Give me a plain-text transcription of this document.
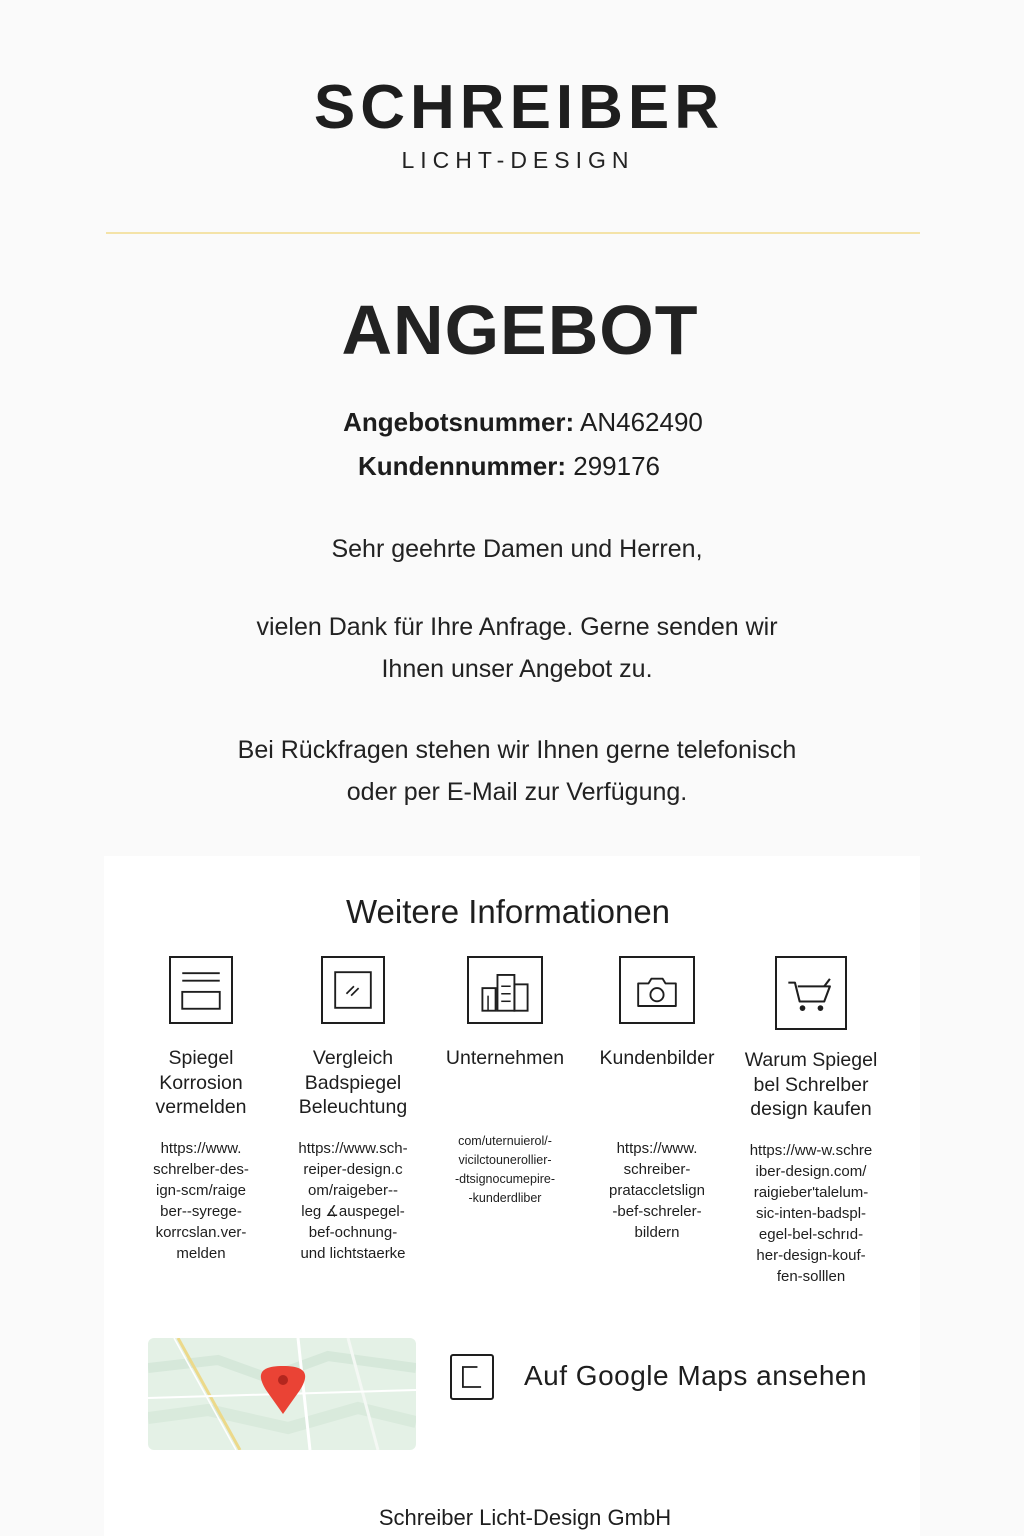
SCHREIBER
LICHT-DESIGN
ANGEBOT
Angebotsnummer: AN462490
Kundennummer: 299176
Sehr geehrte Damen und Herren,
vielen Dank für Ihre Anfrage. Gerne senden wir
Ihnen unser Angebot zu.
Bei Rückfragen stehen wir Ihnen gerne telefonisch
oder per E-Mail zur Verfügung.
Weitere Informationen
Spiegel
Korrosion
vermelden
https://www.
schrelber-des-
ign-scm/raige
ber--syrege-
korrcslan.ver-
melden
Vergleich
Badspiegel
Beleuchtung
https://www.sch-
reiper-design.c
om/raigeber--
leg ∡auspegel-
bef-ochnung-
und lichtstaerke
Unternehmen
com/uternuierol/-
vicilctounerollier-
-dtsignocumepire-
-kunderdliber
Kundenbilder
https://www.
schreiber-
prataccletslign
-bef-schreler-
bildern
Warum Spiegel
bel Schrelber
design kaufen
https://ww-w.schre
iber-design.com/
raigieber'talelum-
sic-inten-badspl-
egel-bel-schrıd-
her-design-kouf-
fen-solllen
Auf Google Maps ansehen
Schreiber Licht-Design GmbH
